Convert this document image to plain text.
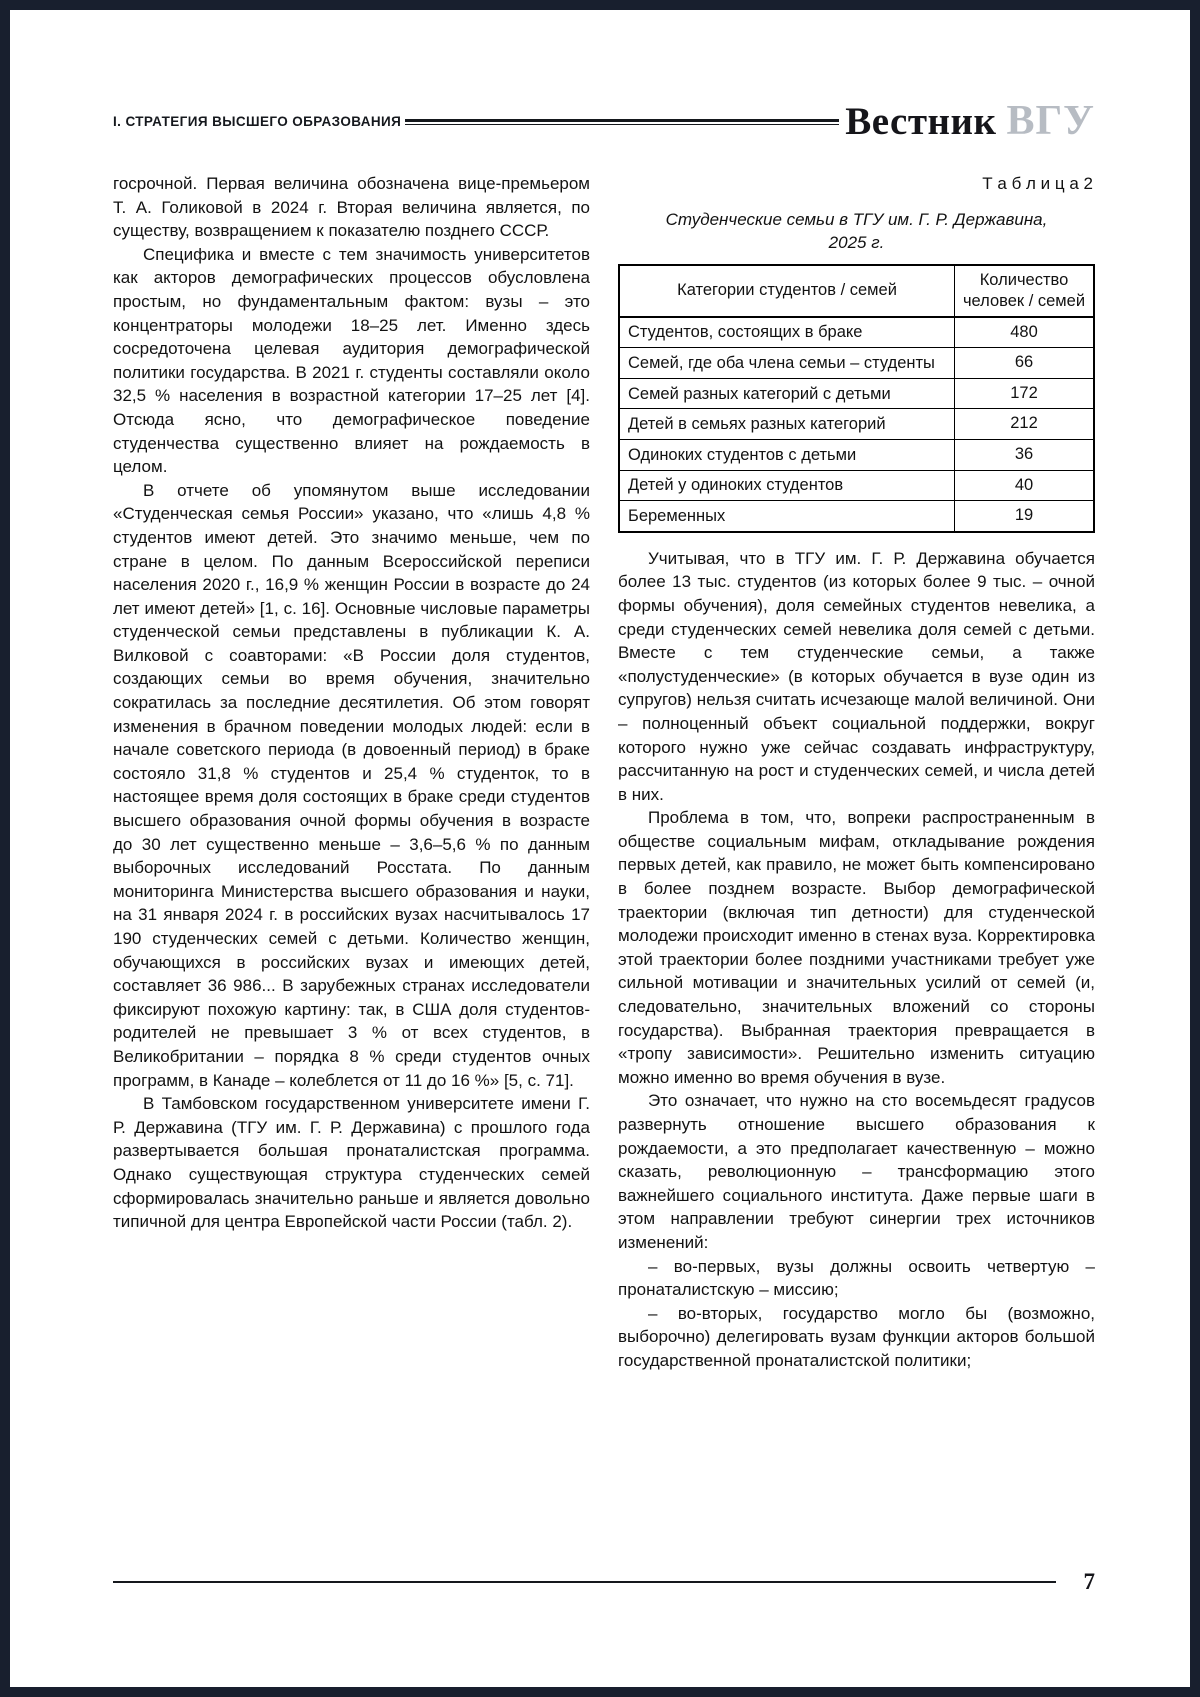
I. СТРАТЕГИЯ ВЫСШЕГО ОБРАЗОВАНИЯ	Вестник ВГУ

госрочной. Первая величина обозначена вице-премьером Т. А. Голиковой в 2024 г. Вторая величина является, по существу, возвращением к показателю позднего СССР.

Специфика и вместе с тем значимость университетов как акторов демографических процессов обусловлена простым, но фундаментальным фактом: вузы – это концентраторы молодежи 18–25 лет. Именно здесь сосредоточена целевая аудитория демографической политики государства. В 2021 г. студенты составляли около 32,5 % населения в возрастной категории 17–25 лет [4]. Отсюда ясно, что демографическое поведение студенчества существенно влияет на рождаемость в целом.

В отчете об упомянутом выше исследовании «Студенческая семья России» указано, что «лишь 4,8 % студентов имеют детей. Это значимо меньше, чем по стране в целом. По данным Всероссийской переписи населения 2020 г., 16,9 % женщин России в возрасте до 24 лет имеют детей» [1, с. 16]. Основные числовые параметры студенческой семьи представлены в публикации К. А. Вилковой с соавторами: «В России доля студентов, создающих семьи во время обучения, значительно сократилась за последние десятилетия. Об этом говорят изменения в брачном поведении молодых людей: если в начале советского периода (в довоенный период) в браке состояло 31,8 % студентов и 25,4 % студенток, то в настоящее время доля состоящих в браке среди студентов высшего образования очной формы обучения в возрасте до 30 лет существенно меньше – 3,6–5,6 % по данным выборочных исследований Росстата. По данным мониторинга Министерства высшего образования и науки, на 31 января 2024 г. в российских вузах насчитывалось 17 190 студенческих семей с детьми. Количество женщин, обучающихся в российских вузах и имеющих детей, составляет 36 986... В зарубежных странах исследователи фиксируют похожую картину: так, в США доля студентов-родителей не превышает 3 % от всех студентов, в Великобритании – порядка 8 % среди студентов очных программ, в Канаде – колеблется от 11 до 16 %» [5, с. 71].

В Тамбовском государственном университете имени Г. Р. Державина (ТГУ им. Г. Р. Державина) с прошлого года развертывается большая пронаталистская программа. Однако существующая структура студенческих семей сформировалась значительно раньше и является довольно типичной для центра Европейской части России (табл. 2).

Т а б л и ц а 2
Студенческие семьи в ТГУ им. Г. Р. Державина,
2025 г.
Категории студентов / семей	Количество человек / семей
Студентов, состоящих в браке	480
Семей, где оба члена семьи – студенты	66
Семей разных категорий с детьми	172
Детей в семьях разных категорий	212
Одиноких студентов с детьми	36
Детей у одиноких студентов	40
Беременных	19

Учитывая, что в ТГУ им. Г. Р. Державина обучается более 13 тыс. студентов (из которых более 9 тыс. – очной формы обучения), доля семейных студентов невелика, а среди студенческих семей невелика доля семей с детьми. Вместе с тем студенческие семьи, а также «полустуденческие» (в которых обучается в вузе один из супругов) нельзя считать исчезающе малой величиной. Они – полноценный объект социальной поддержки, вокруг которого нужно уже сейчас создавать инфраструктуру, рассчитанную на рост и студенческих семей, и числа детей в них.

Проблема в том, что, вопреки распространенным в обществе социальным мифам, откладывание рождения первых детей, как правило, не может быть компенсировано в более позднем возрасте. Выбор демографической траектории (включая тип детности) для студенческой молодежи происходит именно в стенах вуза. Корректировка этой траектории более поздними участниками требует уже сильной мотивации и значительных усилий от семей (и, следовательно, значительных вложений со стороны государства). Выбранная траектория превращается в «тропу зависимости». Решительно изменить ситуацию можно именно во время обучения в вузе.

Это означает, что нужно на сто восемьдесят градусов развернуть отношение высшего образования к рождаемости, а это предполагает качественную – можно сказать, революционную – трансформацию этого важнейшего социального института. Даже первые шаги в этом направлении требуют синергии трех источников изменений:

– во-первых, вузы должны освоить четвертую – пронаталистскую – миссию;

– во-вторых, государство могло бы (возможно, выборочно) делегировать вузам функции акторов большой государственной пронаталистской политики;

7
